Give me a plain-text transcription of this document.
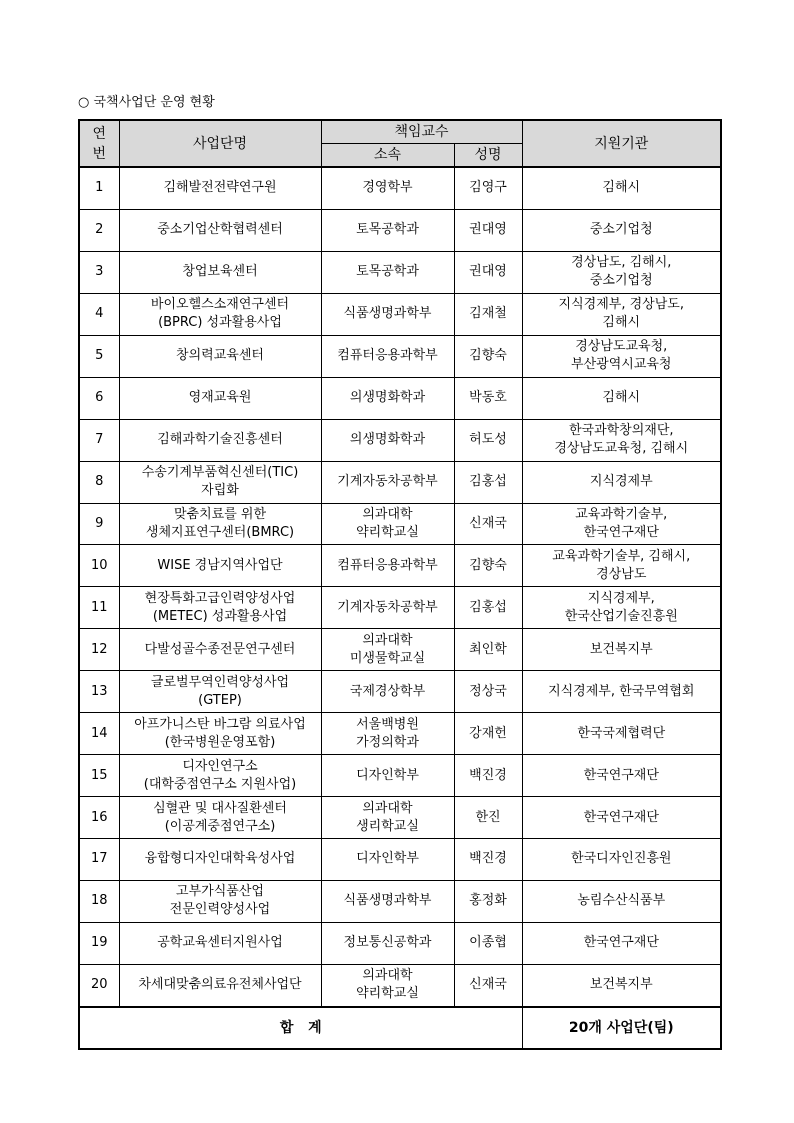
○ 국책사업단 운영 현황
연번	사업단명	책임교수		지원기관
		소속	성명	
1	김해발전전략연구원	경영학부	김영구	김해시

2	중소기업산학협력센터	토목공학과	권대영	중소기업청

3	창업보육센터	토목공학과	권대영	경상남도, 김해시,
중소기업청

4	바이오헬스소재연구센터
(BPRC) 성과활용사업	식품생명과학부	김재철	지식경제부, 경상남도,
김해시

5	창의력교육센터	컴퓨터응용과학부	김향숙	경상남도교육청,
부산광역시교육청

6	영재교육원	의생명화학과	박동호	김해시

7	김해과학기술진흥센터	의생명화학과	허도성	한국과학창의재단,
경상남도교육청, 김해시

8	수송기계부품혁신센터(TIC)
자립화	기계자동차공학부	김홍섭	지식경제부

9	맞춤치료를 위한
생체지표연구센터(BMRC)	의과대학
약리학교실	신재국	교육과학기술부,
한국연구재단

10	WISE 경남지역사업단	컴퓨터응용과학부	김향숙	교육과학기술부, 김해시,
경상남도

11	현장특화고급인력양성사업
(METEC) 성과활용사업	기계자동차공학부	김홍섭	지식경제부,
한국산업기술진흥원

12	다발성골수종전문연구센터	의과대학
미생물학교실	최인학	보건복지부

13	글로벌무역인력양성사업
(GTEP)	국제경상학부	정상국	지식경제부, 한국무역협회

14	아프가니스탄 바그람 의료사업
(한국병원운영포함)	서울백병원
가정의학과	강재헌	한국국제협력단

15	디자인연구소
(대학중점연구소 지원사업)	디자인학부	백진경	한국연구재단

16	심혈관 및 대사질환센터
(이공계중점연구소)	의과대학
생리학교실	한진	한국연구재단

17	융합형디자인대학육성사업	디자인학부	백진경	한국디자인진흥원

18	고부가식품산업
전문인력양성사업	식품생명과학부	홍정화	농림수산식품부

19	공학교육센터지원사업	정보통신공학과	이종협	한국연구재단

20	차세대맞춤의료유전체사업단	의과대학
약리학교실	신재국	보건복지부

합   계				20개 사업단(팀)
